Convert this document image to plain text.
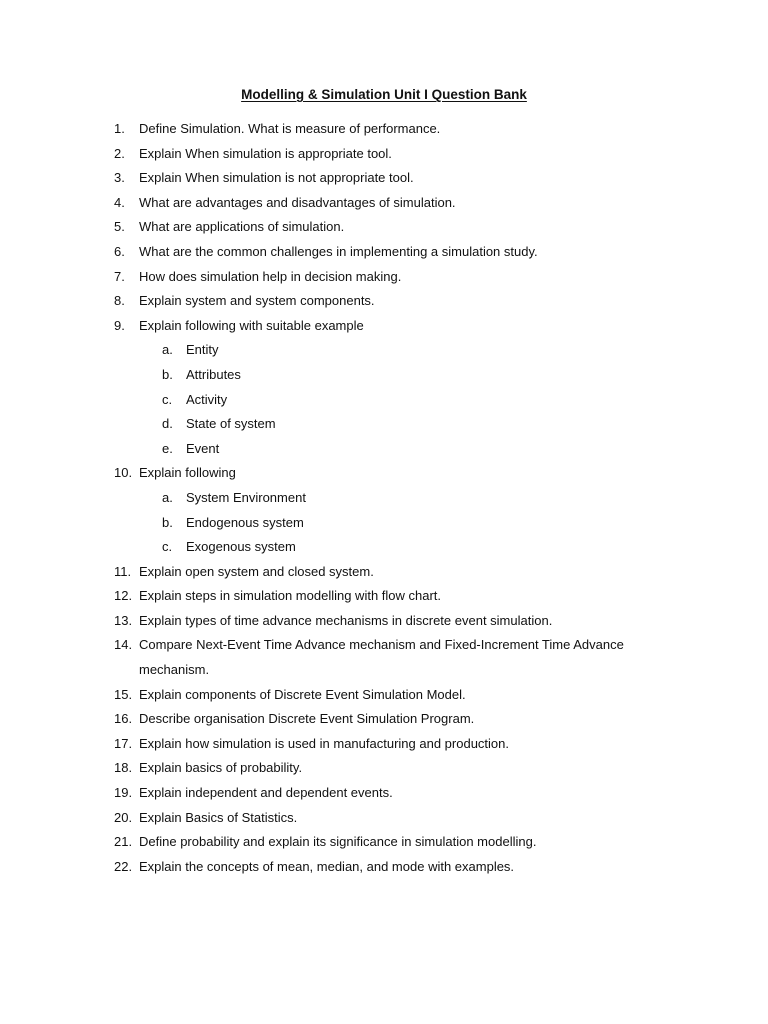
Modelling & Simulation Unit I Question Bank
1.	Define Simulation. What is measure of performance.
2.	Explain When simulation is appropriate tool.
3.	Explain When simulation is not appropriate tool.
4.	What are advantages and disadvantages of simulation.
5.	What are applications of simulation.
6.	What are the common challenges in implementing a simulation study.
7.	How does simulation help in decision making.
8.	Explain system and system components.
9.	Explain following with suitable example
a.	Entity
b.	Attributes
c.	Activity
d.	State of system
e.	Event
10. Explain following
a.	System Environment
b.	Endogenous system
c.	Exogenous system
11. Explain open system and closed system.
12. Explain steps in simulation modelling with flow chart.
13. Explain types of time advance mechanisms in discrete event simulation.
14. Compare Next-Event Time Advance mechanism and Fixed-Increment Time Advance
mechanism.
15. Explain components of Discrete Event Simulation Model.
16. Describe organisation Discrete Event Simulation Program.
17. Explain how simulation is used in manufacturing and production.
18. Explain basics of probability.
19. Explain independent and dependent events.
20. Explain Basics of Statistics.
21. Define probability and explain its significance in simulation modelling.
22. Explain the concepts of mean, median, and mode with examples.
